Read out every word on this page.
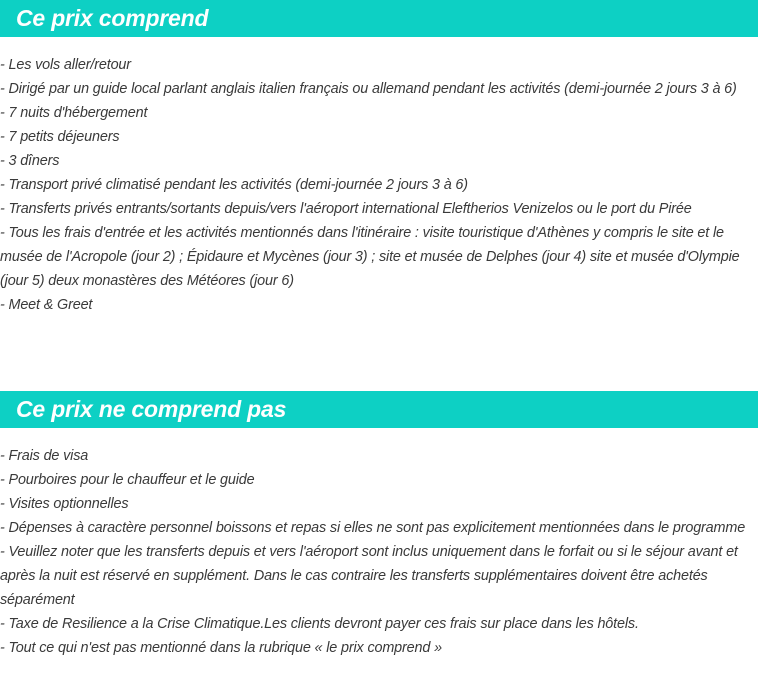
Ce prix comprend
- Les vols aller/retour
- Dirigé par un guide local parlant anglais italien français ou allemand pendant les activités (demi-journée 2 jours 3 à 6)
- 7 nuits d'hébergement
- 7 petits déjeuners
- 3 dîners
- Transport privé climatisé pendant les activités (demi-journée 2 jours 3 à 6)
- Transferts privés entrants/sortants depuis/vers l'aéroport international Eleftherios Venizelos ou le port du Pirée
- Tous les frais d'entrée et les activités mentionnés dans l'itinéraire : visite touristique d'Athènes y compris le site et le musée de l'Acropole (jour 2) ; Épidaure et Mycènes (jour 3) ; site et musée de Delphes (jour 4) site et musée d'Olympie (jour 5) deux monastères des Météores (jour 6)
- Meet & Greet
Ce prix ne comprend pas
- Frais de visa
- Pourboires pour le chauffeur et le guide
- Visites optionnelles
- Dépenses à caractère personnel boissons et repas si elles ne sont pas explicitement mentionnées dans le programme
- Veuillez noter que les transferts depuis et vers l'aéroport sont inclus uniquement dans le forfait ou si le séjour avant et après la nuit est réservé en supplément. Dans le cas contraire les transferts supplémentaires doivent être achetés séparément
- Taxe de Resilience a la Crise Climatique.Les clients devront payer ces frais sur place dans les hôtels.
- Tout ce qui n'est pas mentionné dans la rubrique « le prix comprend »
